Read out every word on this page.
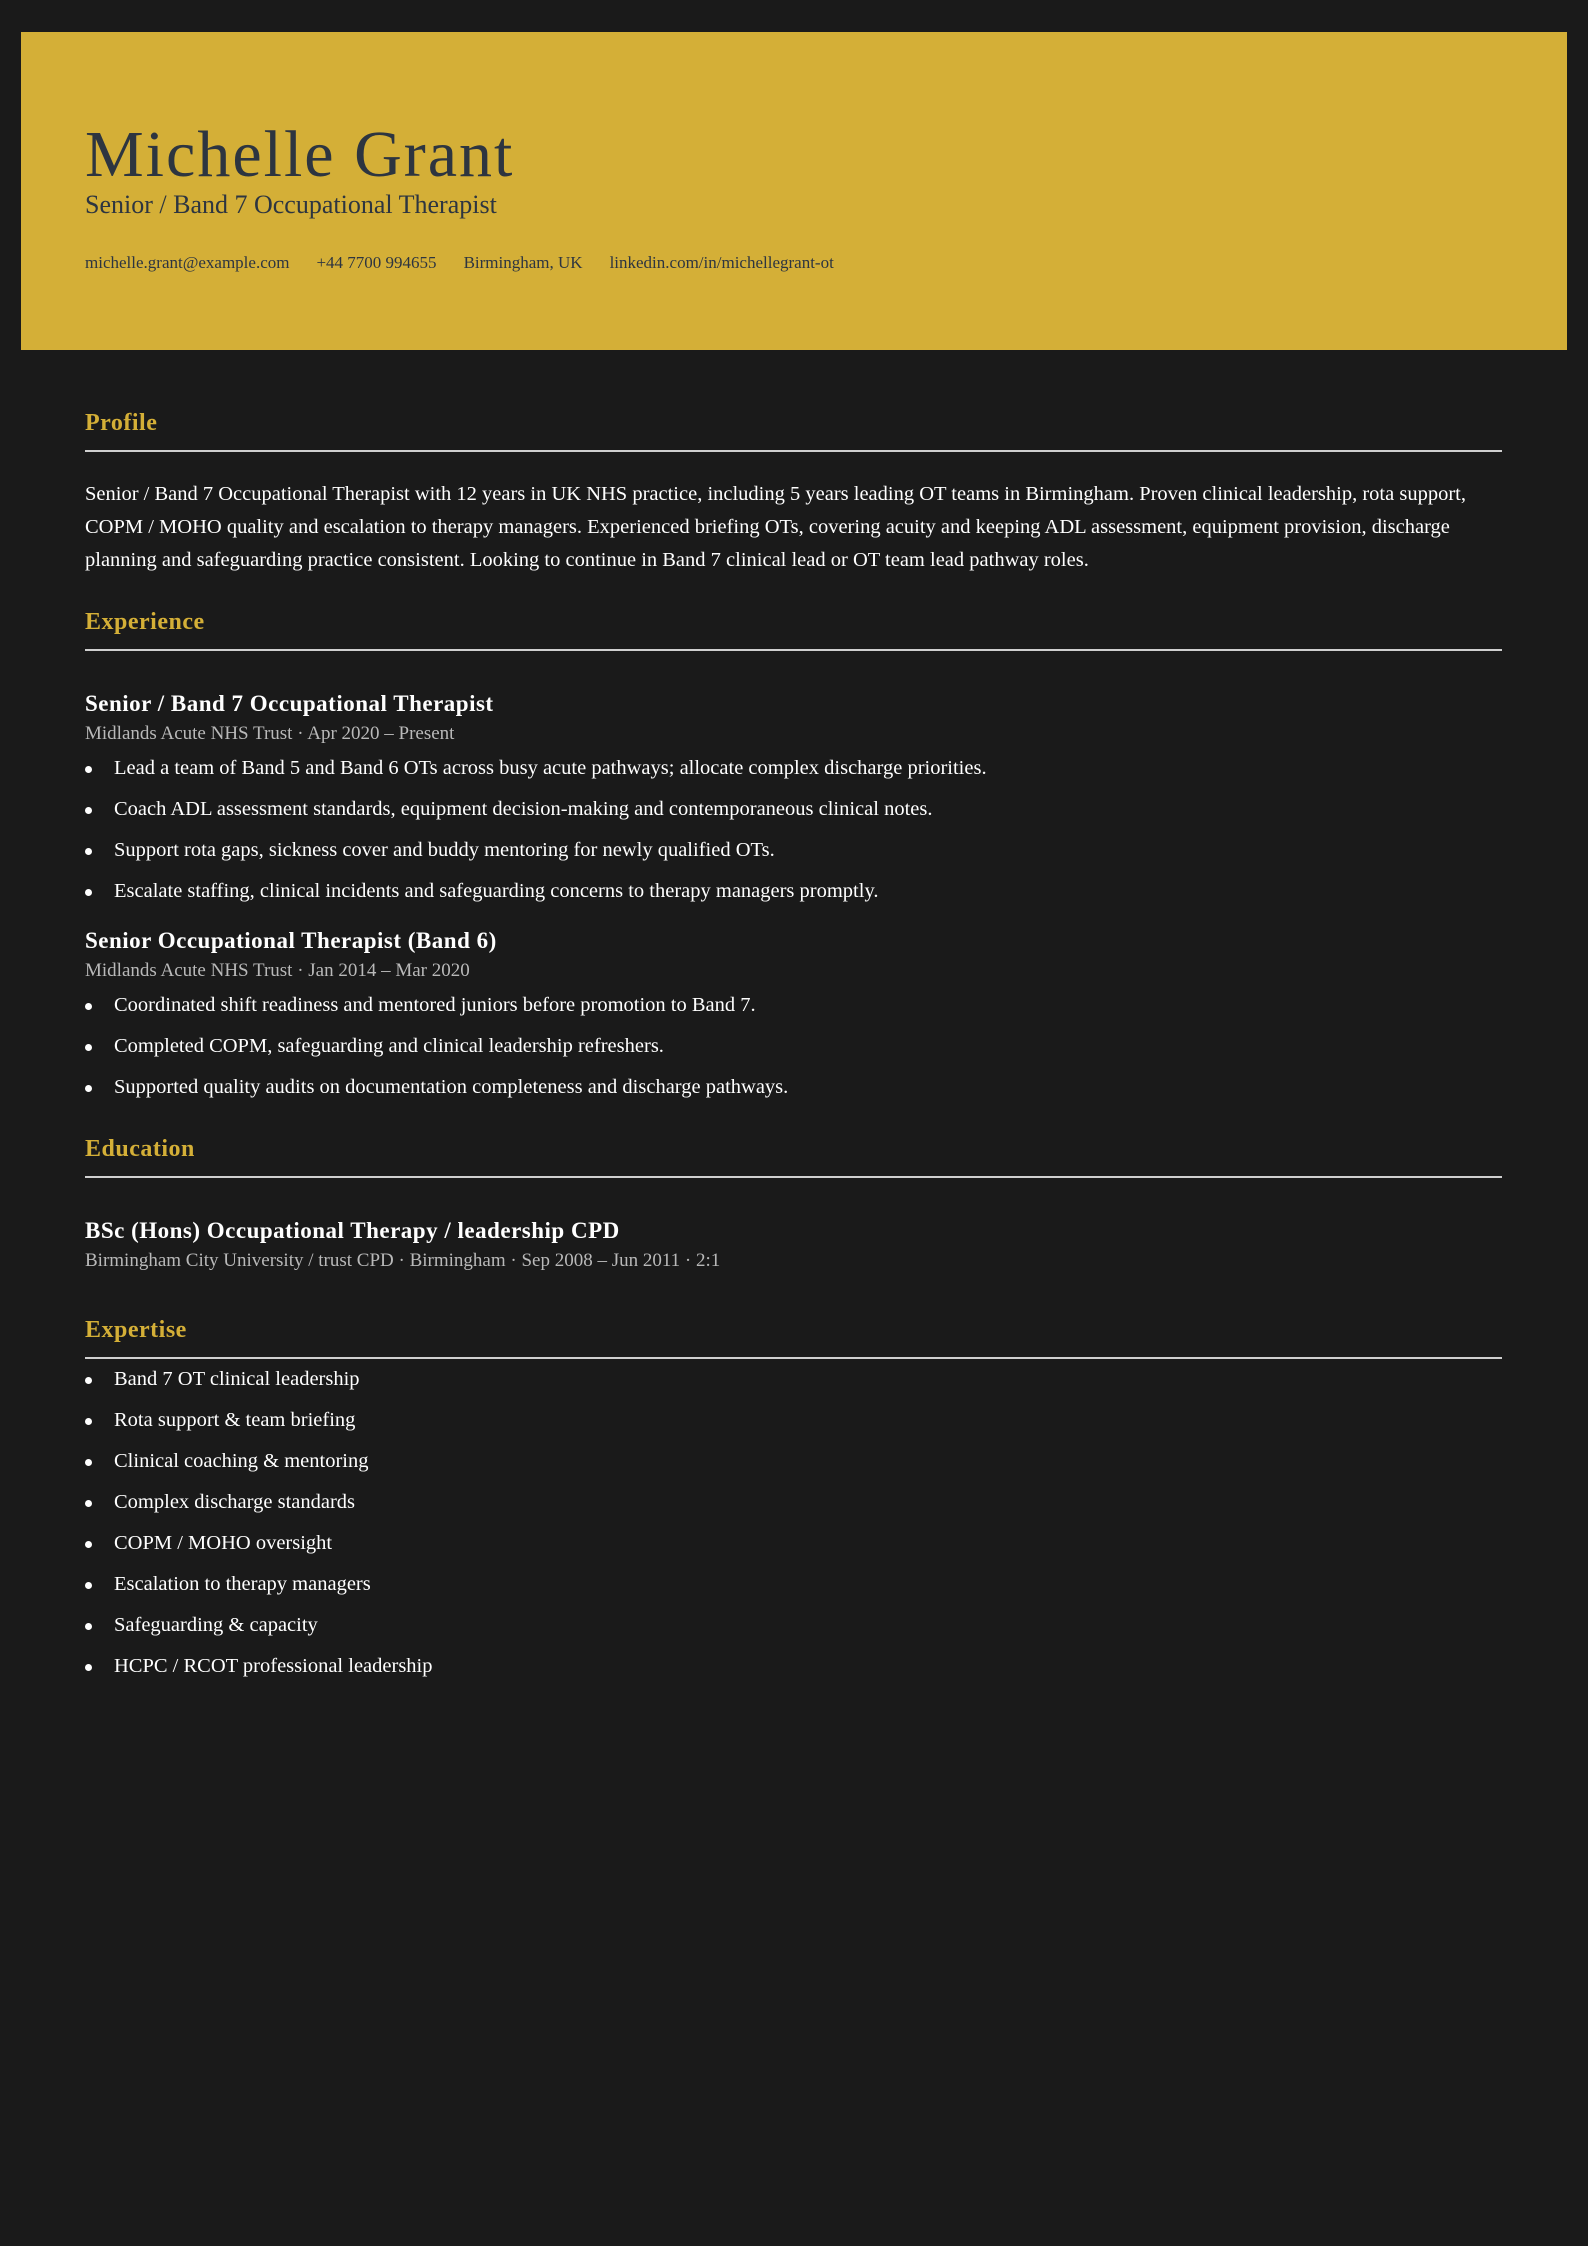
Michelle Grant
Senior / Band 7 Occupational Therapist
michelle.grant@example.com +44 7700 994655 Birmingham, UK linkedin.com/in/michellegrant-ot
Profile

Senior / Band 7 Occupational Therapist with 12 years in UK NHS practice, including 5 years leading OT teams in Birmingham. Proven clinical leadership, rota support, COPM / MOHO quality and escalation to therapy managers. Experienced briefing OTs, covering acuity and keeping ADL assessment, equipment provision, discharge planning and safeguarding practice consistent. Looking to continue in Band 7 clinical lead or OT team lead pathway roles.

Experience
Senior / Band 7 Occupational Therapist

Midlands Acute NHS Trust · Apr 2020 – Present

Lead a team of Band 5 and Band 6 OTs across busy acute pathways; allocate complex discharge priorities.
Coach ADL assessment standards, equipment decision-making and contemporaneous clinical notes.
Support rota gaps, sickness cover and buddy mentoring for newly qualified OTs.
Escalate staffing, clinical incidents and safeguarding concerns to therapy managers promptly.
Senior Occupational Therapist (Band 6)

Midlands Acute NHS Trust · Jan 2014 – Mar 2020

Coordinated shift readiness and mentored juniors before promotion to Band 7.
Completed COPM, safeguarding and clinical leadership refreshers.
Supported quality audits on documentation completeness and discharge pathways.
Education
BSc (Hons) Occupational Therapy / leadership CPD

Birmingham City University / trust CPD · Birmingham · Sep 2008 – Jun 2011 · 2:1

Expertise
Band 7 OT clinical leadership
Rota support & team briefing
Clinical coaching & mentoring
Complex discharge standards
COPM / MOHO oversight
Escalation to therapy managers
Safeguarding & capacity
HCPC / RCOT professional leadership
